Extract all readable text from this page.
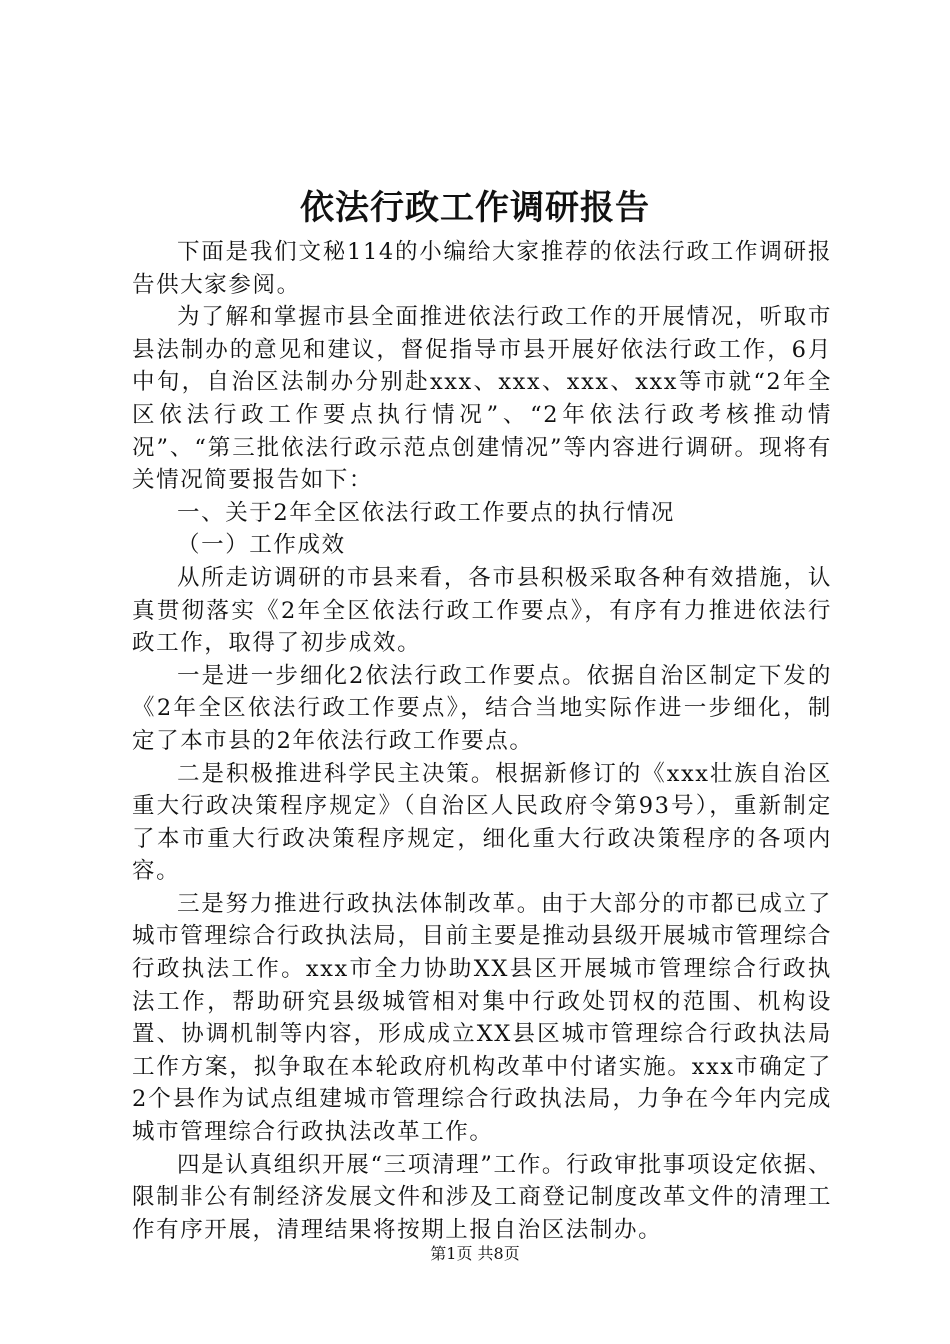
依法行政工作调研报告

下面是我们文秘114的小编给大家推荐的依法行政工作调研报告供大家参阅。

为了解和掌握市县全面推进依法行政工作的开展情况，听取市县法制办的意见和建议，督促指导市县开展好依法行政工作，6月中旬，自治区法制办分别赴xxx、xxx、xxx、xxx等市就“2年全区依法行政工作要点执行情况”、“2年依法行政考核推动情况”、“第三批依法行政示范点创建情况”等内容进行调研。现将有关情况简要报告如下：

一、关于2年全区依法行政工作要点的执行情况

（一）工作成效

从所走访调研的市县来看，各市县积极采取各种有效措施，认真贯彻落实《2年全区依法行政工作要点》，有序有力推进依法行政工作，取得了初步成效。

一是进一步细化2依法行政工作要点。依据自治区制定下发的《2年全区依法行政工作要点》，结合当地实际作进一步细化，制定了本市县的2年依法行政工作要点。

二是积极推进科学民主决策。根据新修订的《xxx壮族自治区重大行政决策程序规定》（自治区人民政府令第93号），重新制定了本市重大行政决策程序规定，细化重大行政决策程序的各项内容。

三是努力推进行政执法体制改革。由于大部分的市都已成立了城市管理综合行政执法局，目前主要是推动县级开展城市管理综合行政执法工作。xxx市全力协助XX县区开展城市管理综合行政执法工作，帮助研究县级城管相对集中行政处罚权的范围、机构设置、协调机制等内容，形成成立XX县区城市管理综合行政执法局工作方案，拟争取在本轮政府机构改革中付诸实施。xxx市确定了2个县作为试点组建城市管理综合行政执法局，力争在今年内完成城市管理综合行政执法改革工作。

四是认真组织开展“三项清理”工作。行政审批事项设定依据、限制非公有制经济发展文件和涉及工商登记制度改革文件的清理工作有序开展，清理结果将按期上报自治区法制办。

第1页 共8页
